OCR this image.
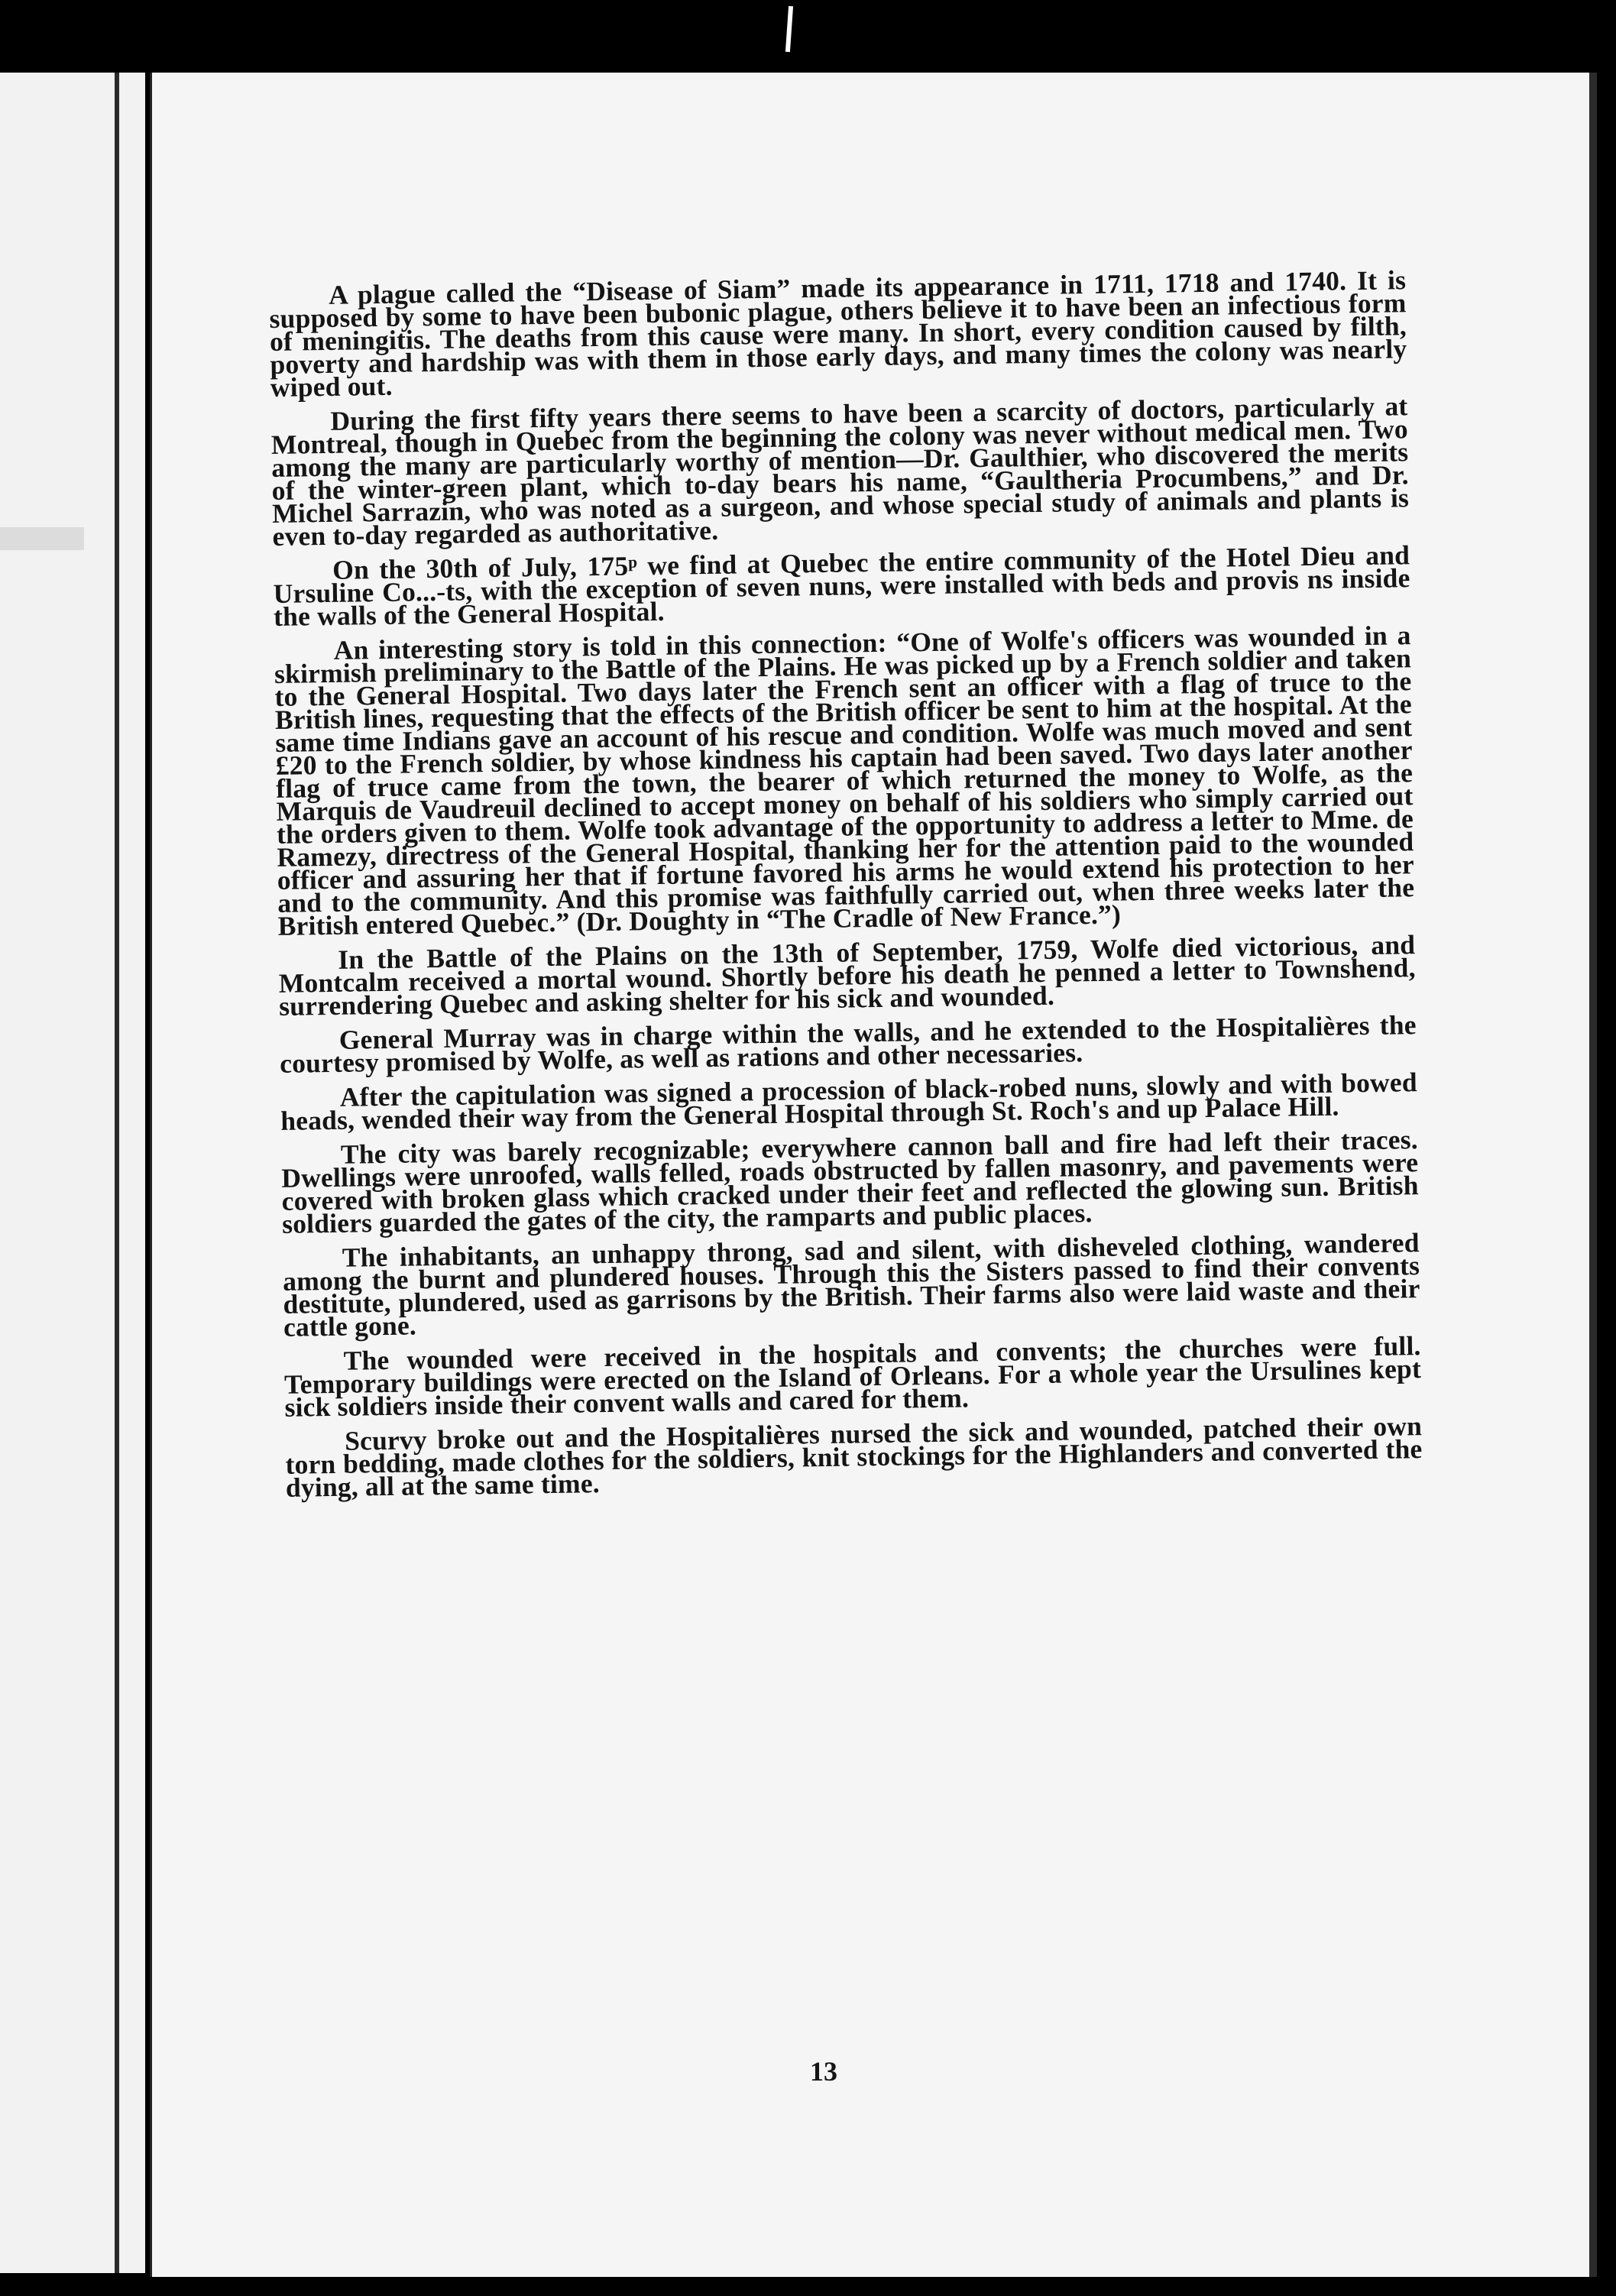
A plague called the “Disease of Siam” made its appearance in 1711, 1718 and 1740. It is supposed by some to have been bubonic plague, others believe it to have been an infectious form of meningitis. The deaths from this cause were many. In short, every condition caused by filth, poverty and hardship was with them in those early days, and many times the colony was nearly wiped out.

During the first fifty years there seems to have been a scarcity of doctors, particularly at Montreal, though in Quebec from the beginning the colony was never without medical men. Two among the many are particularly worthy of mention—Dr. Gaulthier, who discovered the merits of the winter-green plant, which to-day bears his name, “Gaultheria Procumbens,” and Dr. Michel Sarrazin, who was noted as a surgeon, and whose special study of animals and plants is even to-day regarded as authoritative.

On the 30th of July, 175ᵖ we find at Quebec the entire community of the Hotel Dieu and Ursuline Co...‑ts, with the exception of seven nuns, were installed with beds and provis ns inside the walls of the General Hospital.

An interesting story is told in this connection: “One of Wolfe's officers was wounded in a skirmish preliminary to the Battle of the Plains. He was picked up by a French soldier and taken to the General Hospital. Two days later the French sent an officer with a flag of truce to the British lines, requesting that the effects of the British officer be sent to him at the hospital. At the same time Indians gave an account of his rescue and condition. Wolfe was much moved and sent £20 to the French soldier, by whose kindness his captain had been saved. Two days later another flag of truce came from the town, the bearer of which returned the money to Wolfe, as the Marquis de Vaudreuil declined to accept money on behalf of his soldiers who simply carried out the orders given to them. Wolfe took advantage of the opportunity to address a letter to Mme. de Ramezy, directress of the General Hospital, thanking her for the attention paid to the wounded officer and assuring her that if fortune favored his arms he would extend his protection to her and to the community. And this promise was faithfully carried out, when three weeks later the British entered Quebec.” (Dr. Doughty in “The Cradle of New France.”)

In the Battle of the Plains on the 13th of September, 1759, Wolfe died victorious, and Montcalm received a mortal wound. Shortly before his death he penned a letter to Townshend, surrendering Quebec and asking shelter for his sick and wounded.

General Murray was in charge within the walls, and he extended to the Hospitalières the courtesy promised by Wolfe, as well as rations and other necessaries.

After the capitulation was signed a procession of black-robed nuns, slowly and with bowed heads, wended their way from the General Hospital through St. Roch's and up Palace Hill.

The city was barely recognizable; everywhere cannon ball and fire had left their traces. Dwellings were unroofed, walls felled, roads obstructed by fallen masonry, and pavements were covered with broken glass which cracked under their feet and reflected the glowing sun. British soldiers guarded the gates of the city, the ramparts and public places.

The inhabitants, an unhappy throng, sad and silent, with disheveled clothing, wandered among the burnt and plundered houses. Through this the Sisters passed to find their convents destitute, plundered, used as garrisons by the British. Their farms also were laid waste and their cattle gone.

The wounded were received in the hospitals and convents; the churches were full. Temporary buildings were erected on the Island of Orleans. For a whole year the Ursulines kept sick soldiers inside their convent walls and cared for them.

Scurvy broke out and the Hospitalières nursed the sick and wounded, patched their own torn bedding, made clothes for the soldiers, knit stockings for the Highlanders and converted the dying, all at the same time.

13
